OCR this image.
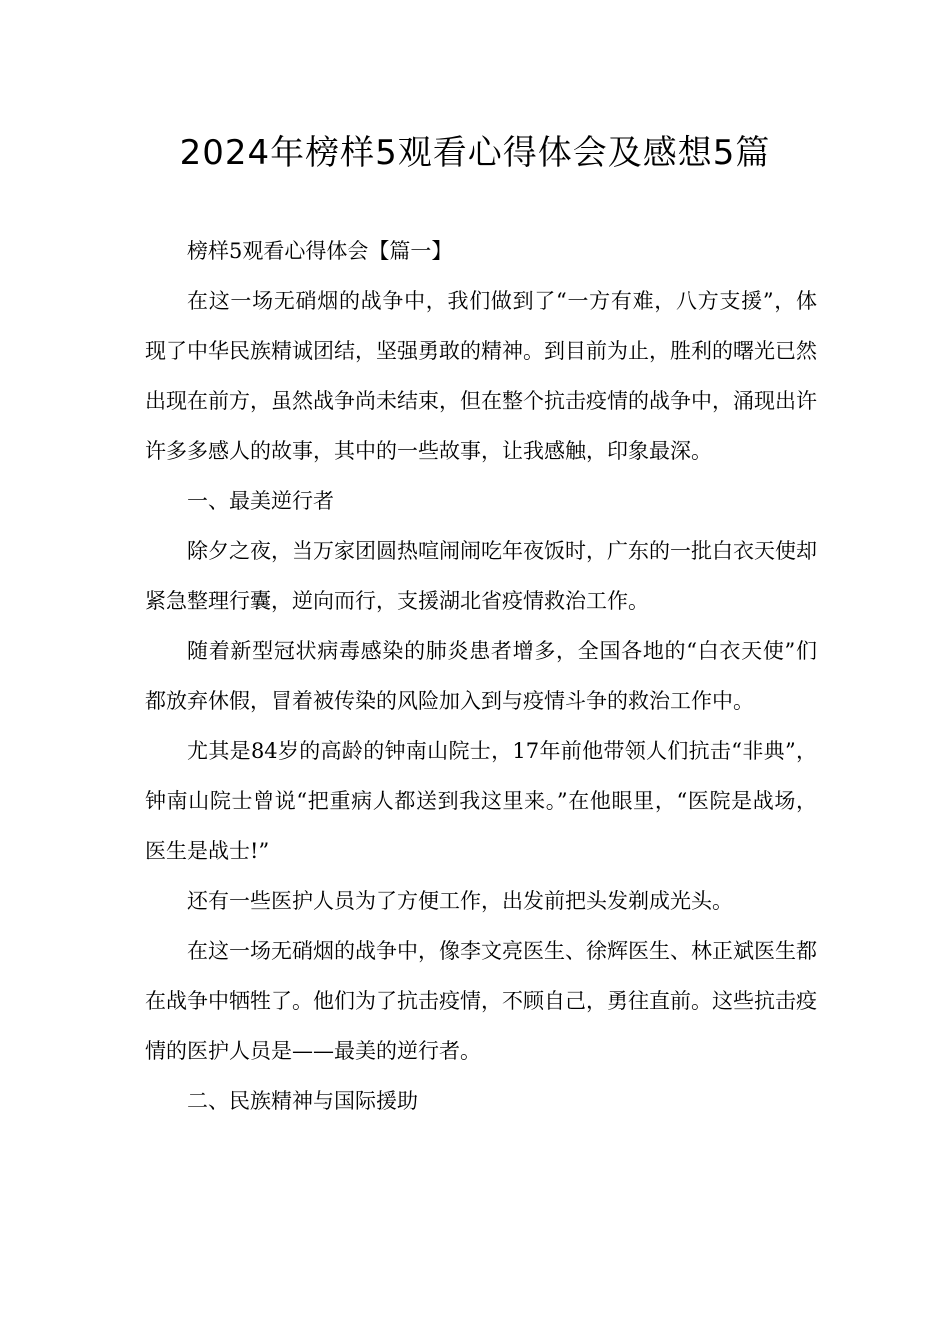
2024年榜样5观看心得体会及感想5篇

榜样5观看心得体会【篇一】

在这一场无硝烟的战争中，我们做到了“一方有难，八方支援”，体现了中华民族精诚团结，坚强勇敢的精神。到目前为止，胜利的曙光已然出现在前方，虽然战争尚未结束，但在整个抗击疫情的战争中，涌现出许许多多感人的故事，其中的一些故事，让我感触，印象最深。

一、最美逆行者

除夕之夜，当万家团圆热喧闹闹吃年夜饭时，广东的一批白衣天使却紧急整理行囊，逆向而行，支援湖北省疫情救治工作。

随着新型冠状病毒感染的肺炎患者增多，全国各地的“白衣天使”们都放弃休假，冒着被传染的风险加入到与疫情斗争的救治工作中。

尤其是84岁的高龄的钟南山院士，17年前他带领人们抗击“非典”，钟南山院士曾说“把重病人都送到我这里来。”在他眼里，“医院是战场，医生是战士!”

还有一些医护人员为了方便工作，出发前把头发剃成光头。

在这一场无硝烟的战争中，像李文亮医生、徐辉医生、林正斌医生都在战争中牺牲了。他们为了抗击疫情，不顾自己，勇往直前。这些抗击疫情的医护人员是——最美的逆行者。

二、民族精神与国际援助
